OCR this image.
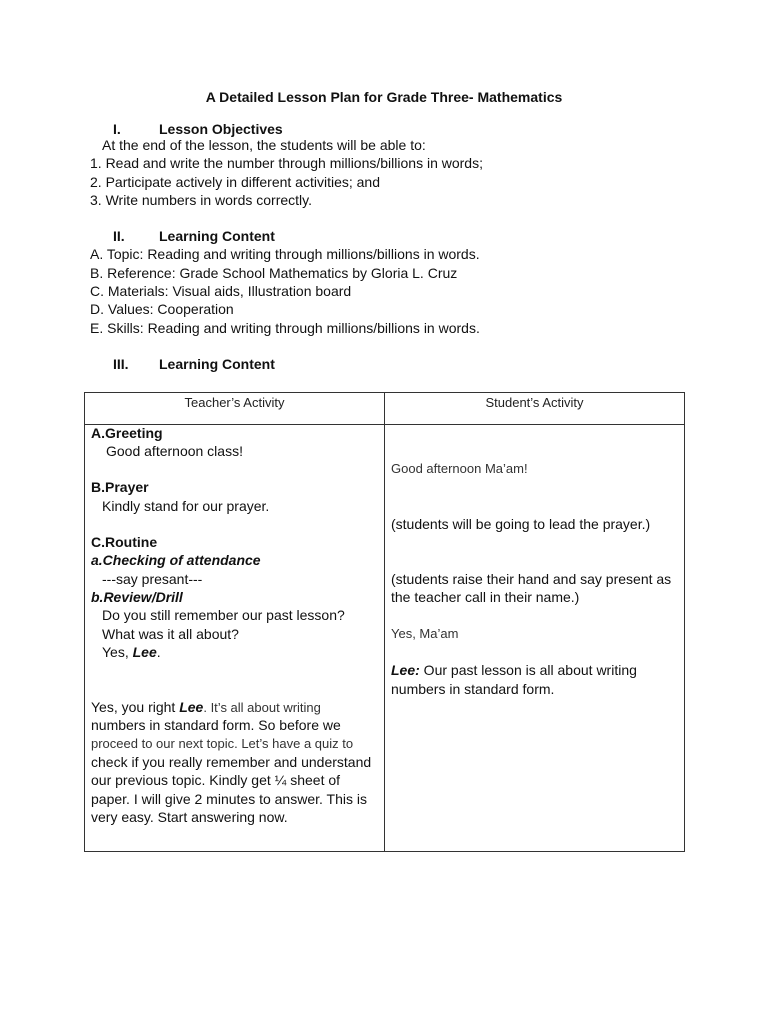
A Detailed Lesson Plan for Grade Three- Mathematics
I.	Lesson Objectives
At the end of the lesson, the students will be able to:
1. Read and write the number through millions/billions in words;
2. Participate actively in different activities; and
3. Write numbers in words correctly.
II. Learning Content
A. Topic: Reading and writing through millions/billions in words.
B. Reference: Grade School Mathematics by Gloria L. Cruz
C. Materials: Visual aids, Illustration board
D. Values: Cooperation
E. Skills: Reading and writing through millions/billions in words.
III. Learning Content
Teacher’s Activity	Student’s Activity
A.Greeting
Good afternoon class!
B.Prayer
Kindly stand for our prayer.
C.Routine
a.Checking of attendance
---say presant---
b.Review/Drill
Do you still remember our past lesson?
What was it all about?
Yes, Lee.
Yes, you right Lee. It’s all about writing
numbers in standard form. So before we
proceed to our next topic. Let’s have a quiz to
check if you really remember and understand
our previous topic. Kindly get ¼ sheet of
paper. I will give 2 minutes to answer. This is
very easy. Start answering now.
Good afternoon Ma’am!
(students will be going to lead the prayer.)
(students raise their hand and say present as
the teacher call in their name.)
Yes, Ma’am
Lee: Our past lesson is all about writing
numbers in standard form.
